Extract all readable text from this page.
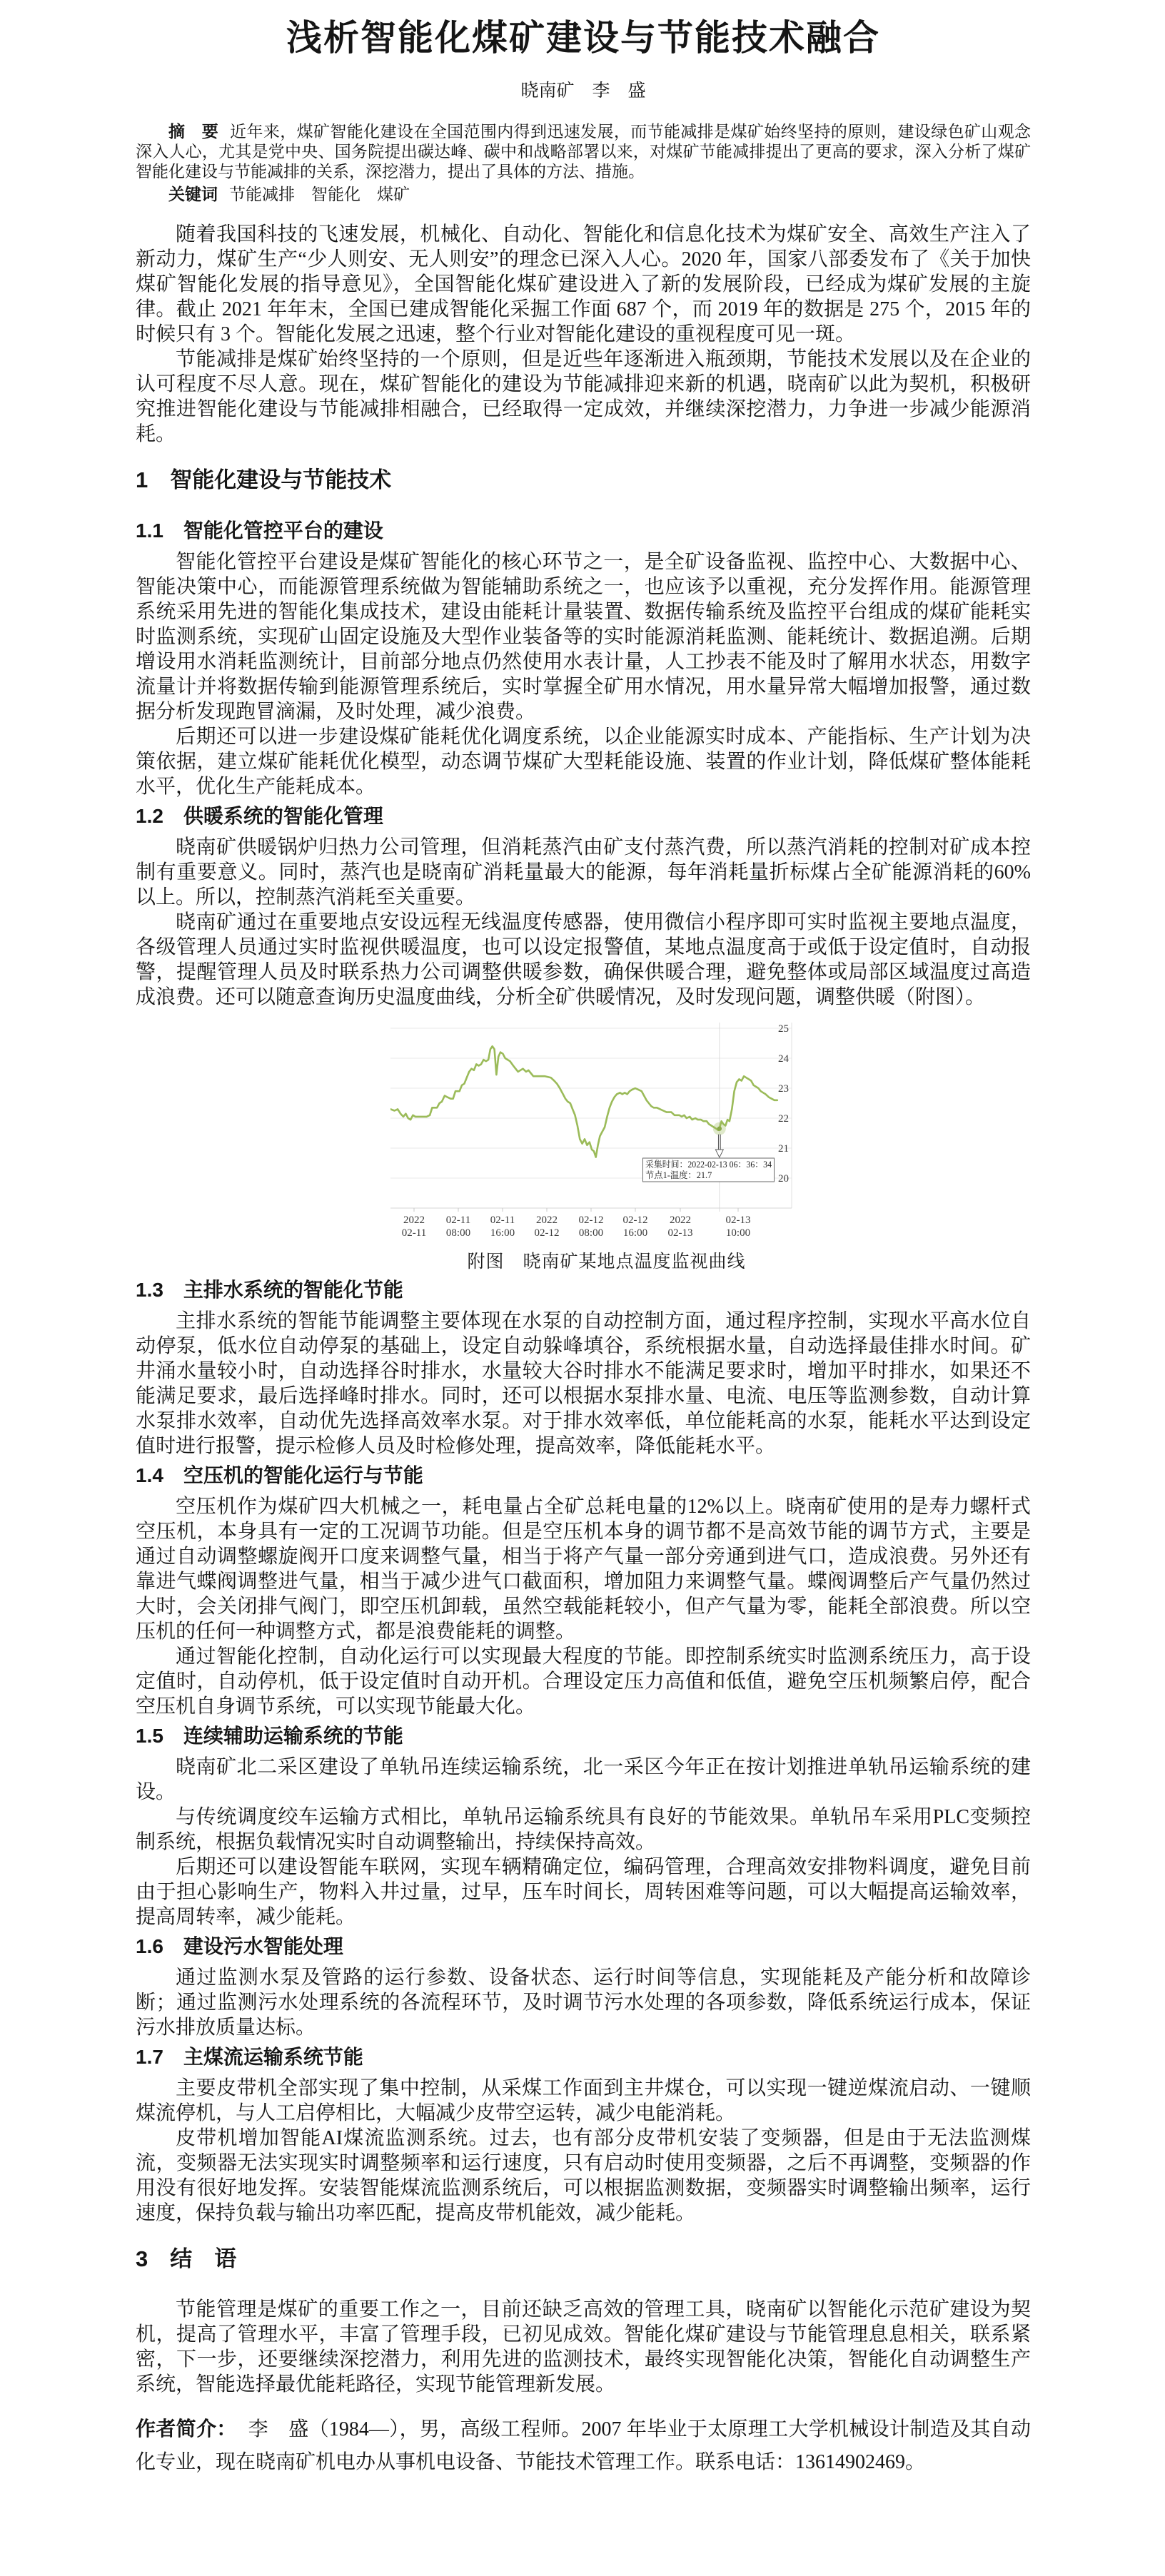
浅析智能化煤矿建设与节能技术融合
晓南矿　李　盛

摘　要 近年来，煤矿智能化建设在全国范围内得到迅速发展，而节能减排是煤矿始终坚持的原则，建设绿色矿山观念深入人心，尤其是党中央、国务院提出碳达峰、碳中和战略部署以来，对煤矿节能减排提出了更高的要求，深入分析了煤矿智能化建设与节能减排的关系，深挖潜力，提出了具体的方法、措施。

关键词 节能减排　智能化　煤矿

随着我国科技的飞速发展，机械化、自动化、智能化和信息化技术为煤矿安全、高效生产注入了新动力，煤矿生产“少人则安、无人则安”的理念已深入人心。2020 年，国家八部委发布了《关于加快煤矿智能化发展的指导意见》，全国智能化煤矿建设进入了新的发展阶段，已经成为煤矿发展的主旋律。截止 2021 年年末，全国已建成智能化采掘工作面 687 个，而 2019 年的数据是 275 个，2015 年的时候只有 3 个。智能化发展之迅速，整个行业对智能化建设的重视程度可见一斑。

节能减排是煤矿始终坚持的一个原则，但是近些年逐渐进入瓶颈期，节能技术发展以及在企业的认可程度不尽人意。现在，煤矿智能化的建设为节能减排迎来新的机遇，晓南矿以此为契机，积极研究推进智能化建设与节能减排相融合，已经取得一定成效，并继续深挖潜力，力争进一步减少能源消耗。

1　智能化建设与节能技术
1.1　智能化管控平台的建设

智能化管控平台建设是煤矿智能化的核心环节之一，是全矿设备监视、监控中心、大数据中心、智能决策中心，而能源管理系统做为智能辅助系统之一，也应该予以重视，充分发挥作用。能源管理系统采用先进的智能化集成技术，建设由能耗计量装置、数据传输系统及监控平台组成的煤矿能耗实时监测系统，实现矿山固定设施及大型作业装备等的实时能源消耗监测、能耗统计、数据追溯。后期增设用水消耗监测统计，目前部分地点仍然使用水表计量，人工抄表不能及时了解用水状态，用数字流量计并将数据传输到能源管理系统后，实时掌握全矿用水情况，用水量异常大幅增加报警，通过数据分析发现跑冒滴漏，及时处理，减少浪费。

后期还可以进一步建设煤矿能耗优化调度系统，以企业能源实时成本、产能指标、生产计划为决策依据，建立煤矿能耗优化模型，动态调节煤矿大型耗能设施、装置的作业计划，降低煤矿整体能耗水平，优化生产能耗成本。

1.2　供暖系统的智能化管理

晓南矿供暖锅炉归热力公司管理，但消耗蒸汽由矿支付蒸汽费，所以蒸汽消耗的控制对矿成本控制有重要意义。同时，蒸汽也是晓南矿消耗量最大的能源，每年消耗量折标煤占全矿能源消耗的60%以上。所以，控制蒸汽消耗至关重要。

晓南矿通过在重要地点安设远程无线温度传感器，使用微信小程序即可实时监视主要地点温度，各级管理人员通过实时监视供暖温度，也可以设定报警值，某地点温度高于或低于设定值时，自动报警，提醒管理人员及时联系热力公司调整供暖参数，确保供暖合理，避免整体或局部区域温度过高造成浪费。还可以随意查询历史温度曲线，分析全矿供暖情况，及时发现问题，调整供暖（附图）。

25
24
23
22
21
20
2022
02-11
02-11
08:00
02-11
16:00
2022
02-12
02-12
08:00
02-12
16:00
2022
02-13
02-13
10:00
采集时间：2022-02-13 06：36：34
节点1-温度：21.7
附图　晓南矿某地点温度监视曲线
1.3　主排水系统的智能化节能

主排水系统的智能节能调整主要体现在水泵的自动控制方面，通过程序控制，实现水平高水位自动停泵，低水位自动停泵的基础上，设定自动躲峰填谷，系统根据水量，自动选择最佳排水时间。矿井涌水量较小时，自动选择谷时排水，水量较大谷时排水不能满足要求时，增加平时排水，如果还不能满足要求，最后选择峰时排水。同时，还可以根据水泵排水量、电流、电压等监测参数，自动计算水泵排水效率，自动优先选择高效率水泵。对于排水效率低，单位能耗高的水泵，能耗水平达到设定值时进行报警，提示检修人员及时检修处理，提高效率，降低能耗水平。

1.4　空压机的智能化运行与节能

空压机作为煤矿四大机械之一，耗电量占全矿总耗电量的12%以上。晓南矿使用的是寿力螺杆式空压机，本身具有一定的工况调节功能。但是空压机本身的调节都不是高效节能的调节方式，主要是通过自动调整螺旋阀开口度来调整气量，相当于将产气量一部分旁通到进气口，造成浪费。另外还有靠进气蝶阀调整进气量，相当于减少进气口截面积，增加阻力来调整气量。蝶阀调整后产气量仍然过大时，会关闭排气阀门，即空压机卸载，虽然空载能耗较小，但产气量为零，能耗全部浪费。所以空压机的任何一种调整方式，都是浪费能耗的调整。

通过智能化控制，自动化运行可以实现最大程度的节能。即控制系统实时监测系统压力，高于设定值时，自动停机，低于设定值时自动开机。合理设定压力高值和低值，避免空压机频繁启停，配合空压机自身调节系统，可以实现节能最大化。

1.5　连续辅助运输系统的节能

晓南矿北二采区建设了单轨吊连续运输系统，北一采区今年正在按计划推进单轨吊运输系统的建设。

与传统调度绞车运输方式相比，单轨吊运输系统具有良好的节能效果。单轨吊车采用PLC变频控制系统，根据负载情况实时自动调整输出，持续保持高效。

后期还可以建设智能车联网，实现车辆精确定位，编码管理，合理高效安排物料调度，避免目前由于担心影响生产，物料入井过量，过早，压车时间长，周转困难等问题，可以大幅提高运输效率，提高周转率，减少能耗。

1.6　建设污水智能处理

通过监测水泵及管路的运行参数、设备状态、运行时间等信息，实现能耗及产能分析和故障诊断；通过监测污水处理系统的各流程环节，及时调节污水处理的各项参数，降低系统运行成本，保证污水排放质量达标。

1.7　主煤流运输系统节能

主要皮带机全部实现了集中控制，从采煤工作面到主井煤仓，可以实现一键逆煤流启动、一键顺煤流停机，与人工启停相比，大幅减少皮带空运转，减少电能消耗。

皮带机增加智能AI煤流监测系统。过去，也有部分皮带机安装了变频器，但是由于无法监测煤流，变频器无法实现实时调整频率和运行速度，只有启动时使用变频器，之后不再调整，变频器的作用没有很好地发挥。安装智能煤流监测系统后，可以根据监测数据，变频器实时调整输出频率，运行速度，保持负载与输出功率匹配，提高皮带机能效，减少能耗。

3　结　语

节能管理是煤矿的重要工作之一，目前还缺乏高效的管理工具，晓南矿以智能化示范矿建设为契机，提高了管理水平，丰富了管理手段，已初见成效。智能化煤矿建设与节能管理息息相关，联系紧密，下一步，还要继续深挖潜力，利用先进的监测技术，最终实现智能化决策，智能化自动调整生产系统，智能选择最优能耗路径，实现节能管理新发展。

作者简介： 李　盛（1984—），男，高级工程师。2007 年毕业于太原理工大学机械设计制造及其自动化专业，现在晓南矿机电办从事机电设备、节能技术管理工作。联系电话：13614902469。
